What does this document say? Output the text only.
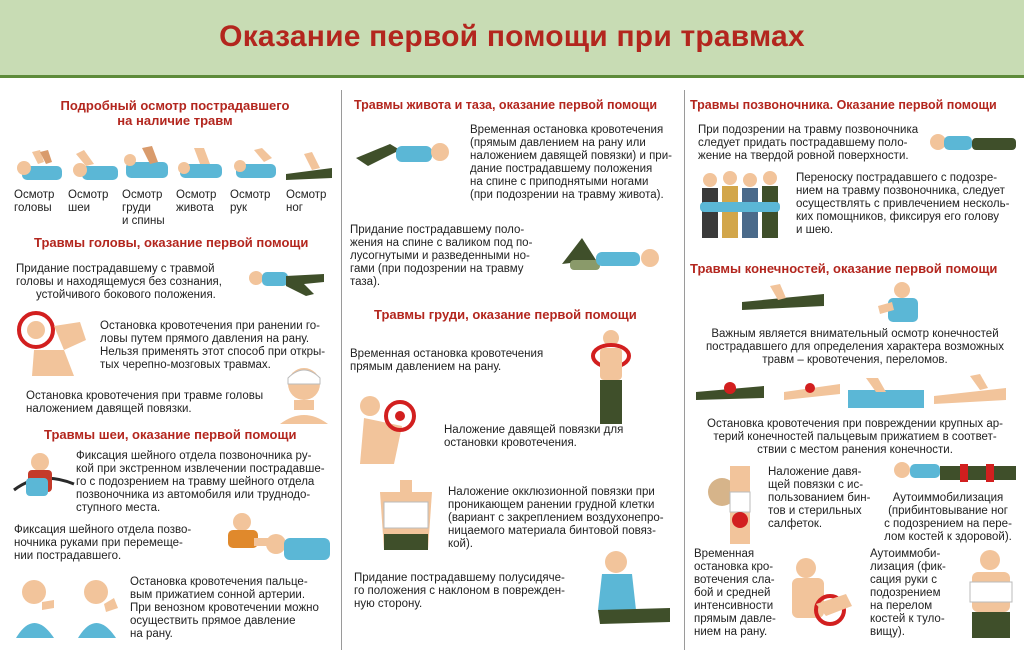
Оказание первой помощи при травмах
Подробный осмотр пострадавшего
на наличие травм
Осмотр
головы
Осмотр
шеи
Осмотр
груди
и спины
Осмотр
живота
Осмотр
рук
Осмотр
ног
Травмы головы, оказание первой помощи
Придание пострадавшему с травмой
головы и находящемуся без сознания,
устойчивого бокового положения.
Остановка кровотечения при ранении го-
ловы путем прямого давления на рану.
Нельзя применять этот способ при откры-
тых черепно-мозговых травмах.
Остановка кровотечения при травме головы
наложением давящей повязки.
Травмы шеи, оказание первой помощи
Фиксация шейного отдела позвоночника ру-
кой при экстренном извлечении пострадавше-
го с подозрением на травму шейного отдела
позвоночника из автомобиля или труднодо-
ступного места.
Фиксация шейного отдела позво-
ночника руками при перемеще-
нии пострадавшего.
Остановка кровотечения пальце-
вым прижатием сонной артерии.
При венозном кровотечении можно
осуществить прямое давление
на рану.
Травмы живота и таза, оказание первой помощи
Временная остановка кровотечения
(прямым давлением на рану или
наложением давящей повязки) и при-
дание пострадавшему положения
на спине с приподнятыми ногами
(при подозрении на травму живота).
Придание пострадавшему поло-
жения на спине с валиком под по-
лусогнутыми и разведенными но-
гами (при подозрении на травму
таза).
Травмы груди, оказание первой помощи
Временная остановка кровотечения
прямым давлением на рану.
Наложение давящей повязки для
остановки кровотечения.
Наложение окклюзионной повязки при
проникающем ранении грудной клетки
(вариант с закреплением воздухонепро-
ницаемого материала бинтовой повяз-
кой).
Придание пострадавшему полусидяче-
го положения с наклоном в поврежден-
ную сторону.
Травмы позвоночника. Оказание первой помощи
При подозрении на травму позвоночника
следует придать пострадавшему поло-
жение на твердой ровной поверхности.
Переноску пострадавшего с подозре-
нием на травму позвоночника, следует
осуществлять с привлечением несколь-
ких помощников, фиксируя его голову
и шею.
Травмы конечностей, оказание первой помощи
Важным является внимательный осмотр конечностей
пострадавшего для определения характера возможных
травм – кровотечения, переломов.
Остановка кровотечения при повреждении крупных ар-
терий конечностей пальцевым прижатием в соответ-
ствии с местом ранения конечности.
Наложение давя-
щей повязки с ис-
пользованием бин-
тов и стерильных
салфеток.
Аутоиммобилизация
(прибинтовывание ног
с подозрением на пере-
лом костей к здоровой).
Временная
остановка кро-
вотечения сла-
бой и средней
интенсивности
прямым давле-
нием на рану.
Аутоиммоби-
лизация (фик-
сация руки с
подозрением
на перелом
костей к туло-
вищу).
